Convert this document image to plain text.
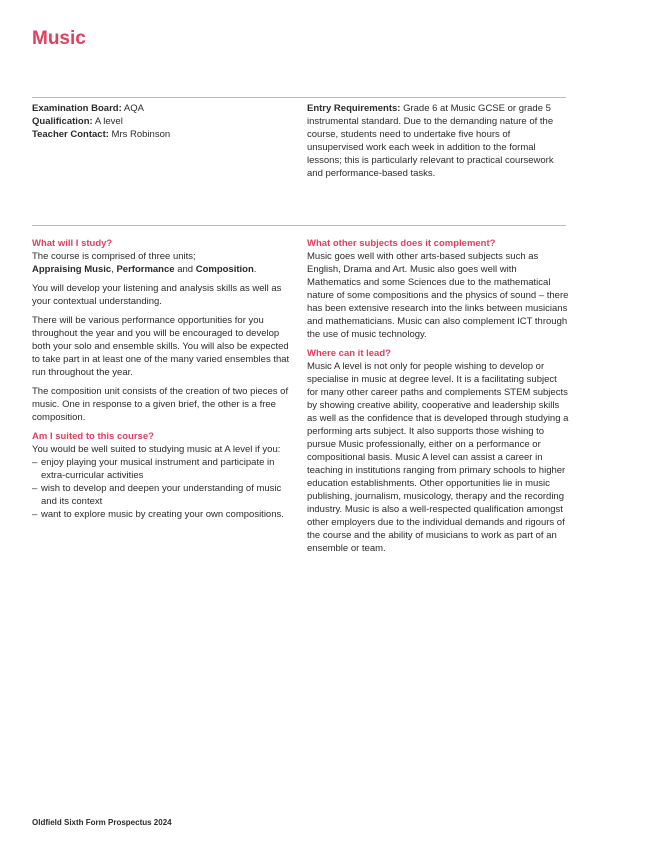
Music
Examination Board: AQA
Qualification: A level
Teacher Contact: Mrs Robinson
Entry Requirements: Grade 6 at Music GCSE or grade 5 instrumental standard. Due to the demanding nature of the course, students need to undertake five hours of unsupervised work each week in addition to the formal lessons; this is particularly relevant to practical coursework and performance-based tasks.
What will I study?

The course is comprised of three units;

Appraising Music, Performance and Composition.

You will develop your listening and analysis skills as well as your contextual understanding.

There will be various performance opportunities for you throughout the year and you will be encouraged to develop both your solo and ensemble skills. You will also be expected to take part in at least one of the many varied ensembles that run throughout the year.

The composition unit consists of the creation of two pieces of music. One in response to a given brief, the other is a free composition.

Am I suited to this course?

You would be well suited to studying music at A level if you:

– enjoy playing your musical instrument and participate in extra-curricular activities
– wish to develop and deepen your understanding of music and its context
– want to explore music by creating your own compositions.
What other subjects does it complement?

Music goes well with other arts-based subjects such as English, Drama and Art. Music also goes well with Mathematics and some Sciences due to the mathematical nature of some compositions and the physics of sound – there has been extensive research into the links between musicians and mathematicians. Music can also complement ICT through the use of music technology.

Where can it lead?

Music A level is not only for people wishing to develop or specialise in music at degree level. It is a facilitating subject for many other career paths and complements STEM subjects by showing creative ability, cooperative and leadership skills as well as the confidence that is developed through studying a performing arts subject. It also supports those wishing to pursue Music professionally, either on a performance or compositional basis. Music A level can assist a career in teaching in institutions ranging from primary schools to higher education establishments. Other opportunities lie in music publishing, journalism, musicology, therapy and the recording industry. Music is also a well-respected qualification amongst other employers due to the individual demands and rigours of the course and the ability of musicians to work as part of an ensemble or team.

Oldfield Sixth Form Prospectus 2024
